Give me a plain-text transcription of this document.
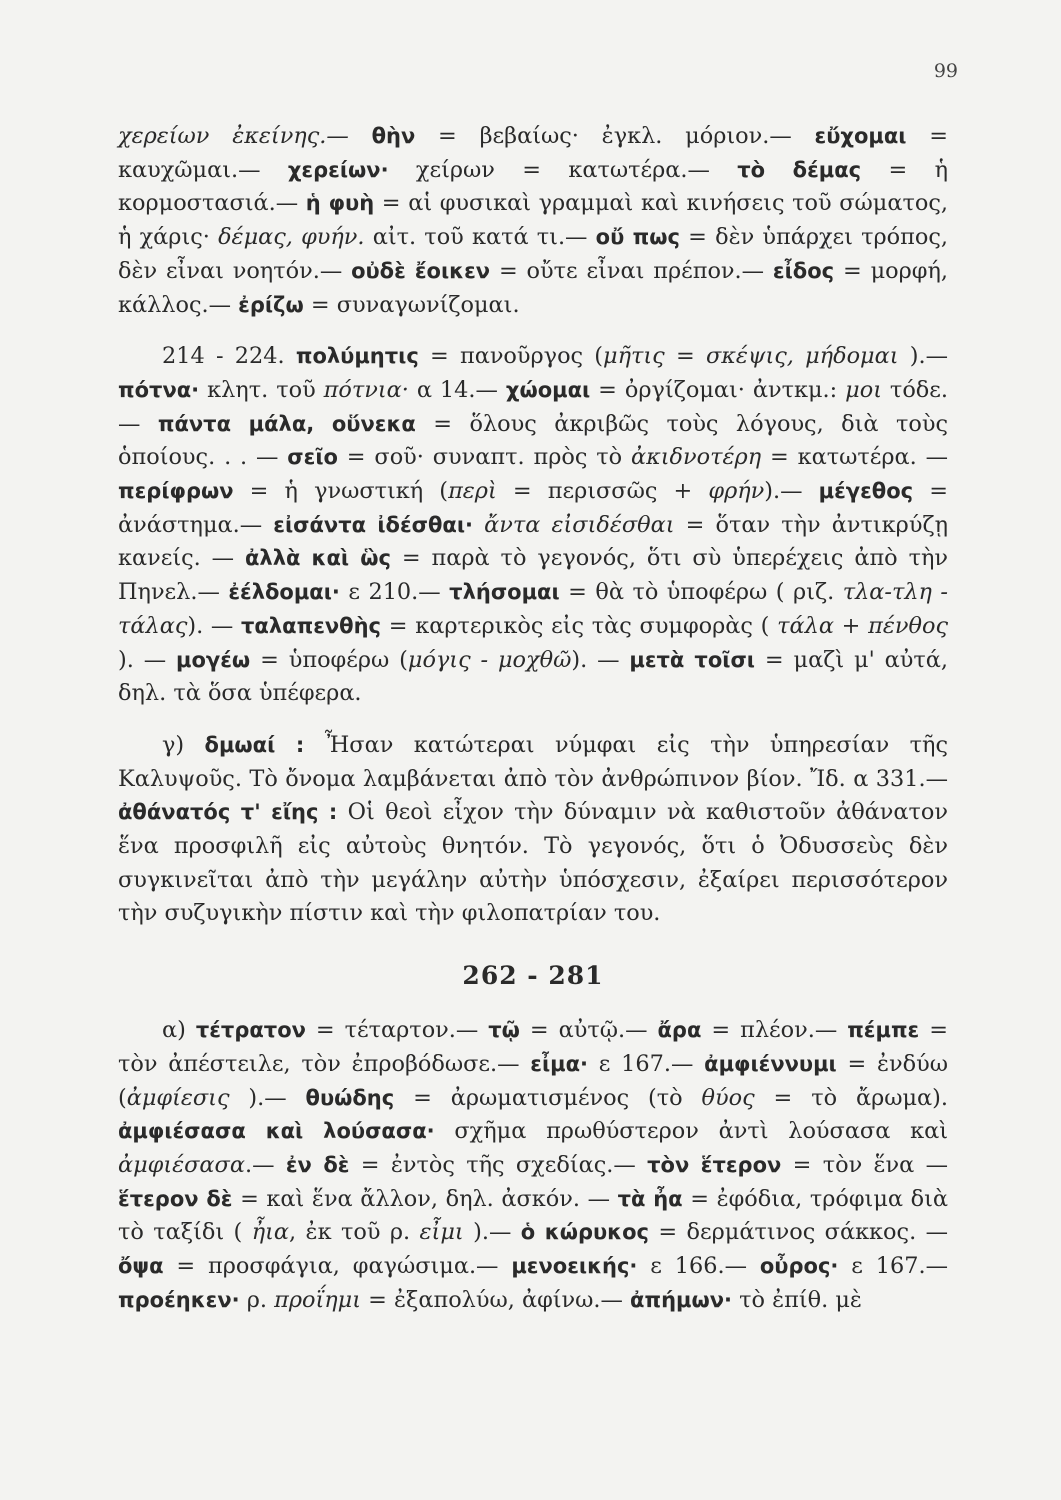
99

χερείων ἐκείνης.— θὴν = βεβαίως· ἐγκλ. μόριον.— εὔχομαι = καυχῶμαι.— χερείων· χείρων = κατωτέρα.— τὸ δέμας = ἡ κορμοστασιά.— ἡ φυὴ = αἱ φυσικαὶ γραμμαὶ καὶ κινήσεις τοῦ σώματος, ἡ χάρις· δέμας, φυήν. αἰτ. τοῦ κατά τι.— οὔ πως = δὲν ὑπάρχει τρόπος, δὲν εἶναι νοητόν.— οὐδὲ ἔοικεν = οὔτε εἶναι πρέπον.— εἶδος = μορφή, κάλλος.— ἐρίζω = συναγωνίζομαι.

214 - 224. πολύμητις = πανοῦργος (μῆτις = σκέψις, μήδομαι ).— πότνα· κλητ. τοῦ πότνια· α 14.— χώομαι = ὀργίζομαι· ἀντκμ.: μοι τόδε. — πάντα μάλα, οὕνεκα = ὅλους ἀκριβῶς τοὺς λόγους, διὰ τοὺς ὁποίους. . . — σεῖο = σοῦ· συναπτ. πρὸς τὸ ἀκιδνοτέρη = κατωτέρα. — περίφρων = ἡ γνωστική (περὶ = περισσῶς + φρήν).— μέγεθος = ἀνάστημα.— εἰσάντα ἰδέσθαι· ἄντα εἰσιδέσθαι = ὅταν τὴν ἀντικρύζῃ κανείς. — ἀλλὰ καὶ ὣς = παρὰ τὸ γεγονός, ὅτι σὺ ὑπερέχεις ἀπὸ τὴν Πηνελ.— ἐέλδομαι· ε 210.— τλήσομαι = θὰ τὸ ὑποφέρω ( ριζ. τλα-τλη - τάλας). — ταλαπενθὴς = καρτερικὸς εἰς τὰς συμφορὰς ( τάλα + πένθος ). — μογέω = ὑποφέρω (μόγις - μοχθῶ). — μετὰ τοῖσι = μαζὶ μ' αὐτά, δηλ. τὰ ὅσα ὑπέφερα.

γ) δμωαί : Ἦσαν κατώτεραι νύμφαι εἰς τὴν ὑπηρεσίαν τῆς Καλυψοῦς. Τὸ ὄνομα λαμβάνεται ἀπὸ τὸν ἀνθρώπινον βίον. Ἴδ. α 331.— ἀθάνατός τ' εἴης : Οἱ θεοὶ εἶχον τὴν δύναμιν νὰ καθιστοῦν ἀθάνατον ἕνα προσφιλῆ εἰς αὐτοὺς θνητόν. Τὸ γεγονός, ὅτι ὁ Ὀδυσσεὺς δὲν συγκινεῖται ἀπὸ τὴν μεγάλην αὐτὴν ὑπόσχεσιν, ἐξαίρει περισσότερον τὴν συζυγικὴν πίστιν καὶ τὴν φιλοπατρίαν του.

262 - 281

α) τέτρατον = τέταρτον.— τῷ = αὐτῷ.— ἄρα = πλέον.— πέμπε = τὸν ἀπέστειλε, τὸν ἐπροβόδωσε.— εἶμα· ε 167.— ἀμφιέννυμι = ἐνδύω (ἀμφίεσις ).— θυώδης = ἀρωματισμένος (τὸ θύος = τὸ ἄρωμα). ἀμφιέσασα καὶ λούσασα· σχῆμα πρωθύστερον ἀντὶ λούσασα καὶ ἀμφιέσασα.— ἐν δὲ = ἐντὸς τῆς σχεδίας.— τὸν ἕτερον = τὸν ἕνα — ἕτερον δὲ = καὶ ἕνα ἄλλον, δηλ. ἀσκόν. — τὰ ἦα = ἐφόδια, τρόφιμα διὰ τὸ ταξίδι ( ἦια, ἐκ τοῦ ρ. εἶμι ).— ὁ κώρυκος = δερμάτινος σάκκος. — ὄψα = προσφάγια, φαγώσιμα.— μενοεικής· ε 166.— οὖρος· ε 167.— προέηκεν· ρ. προΐημι = ἐξαπολύω, ἀφίνω.— ἀπήμων· τὸ ἐπίθ. μὲ
